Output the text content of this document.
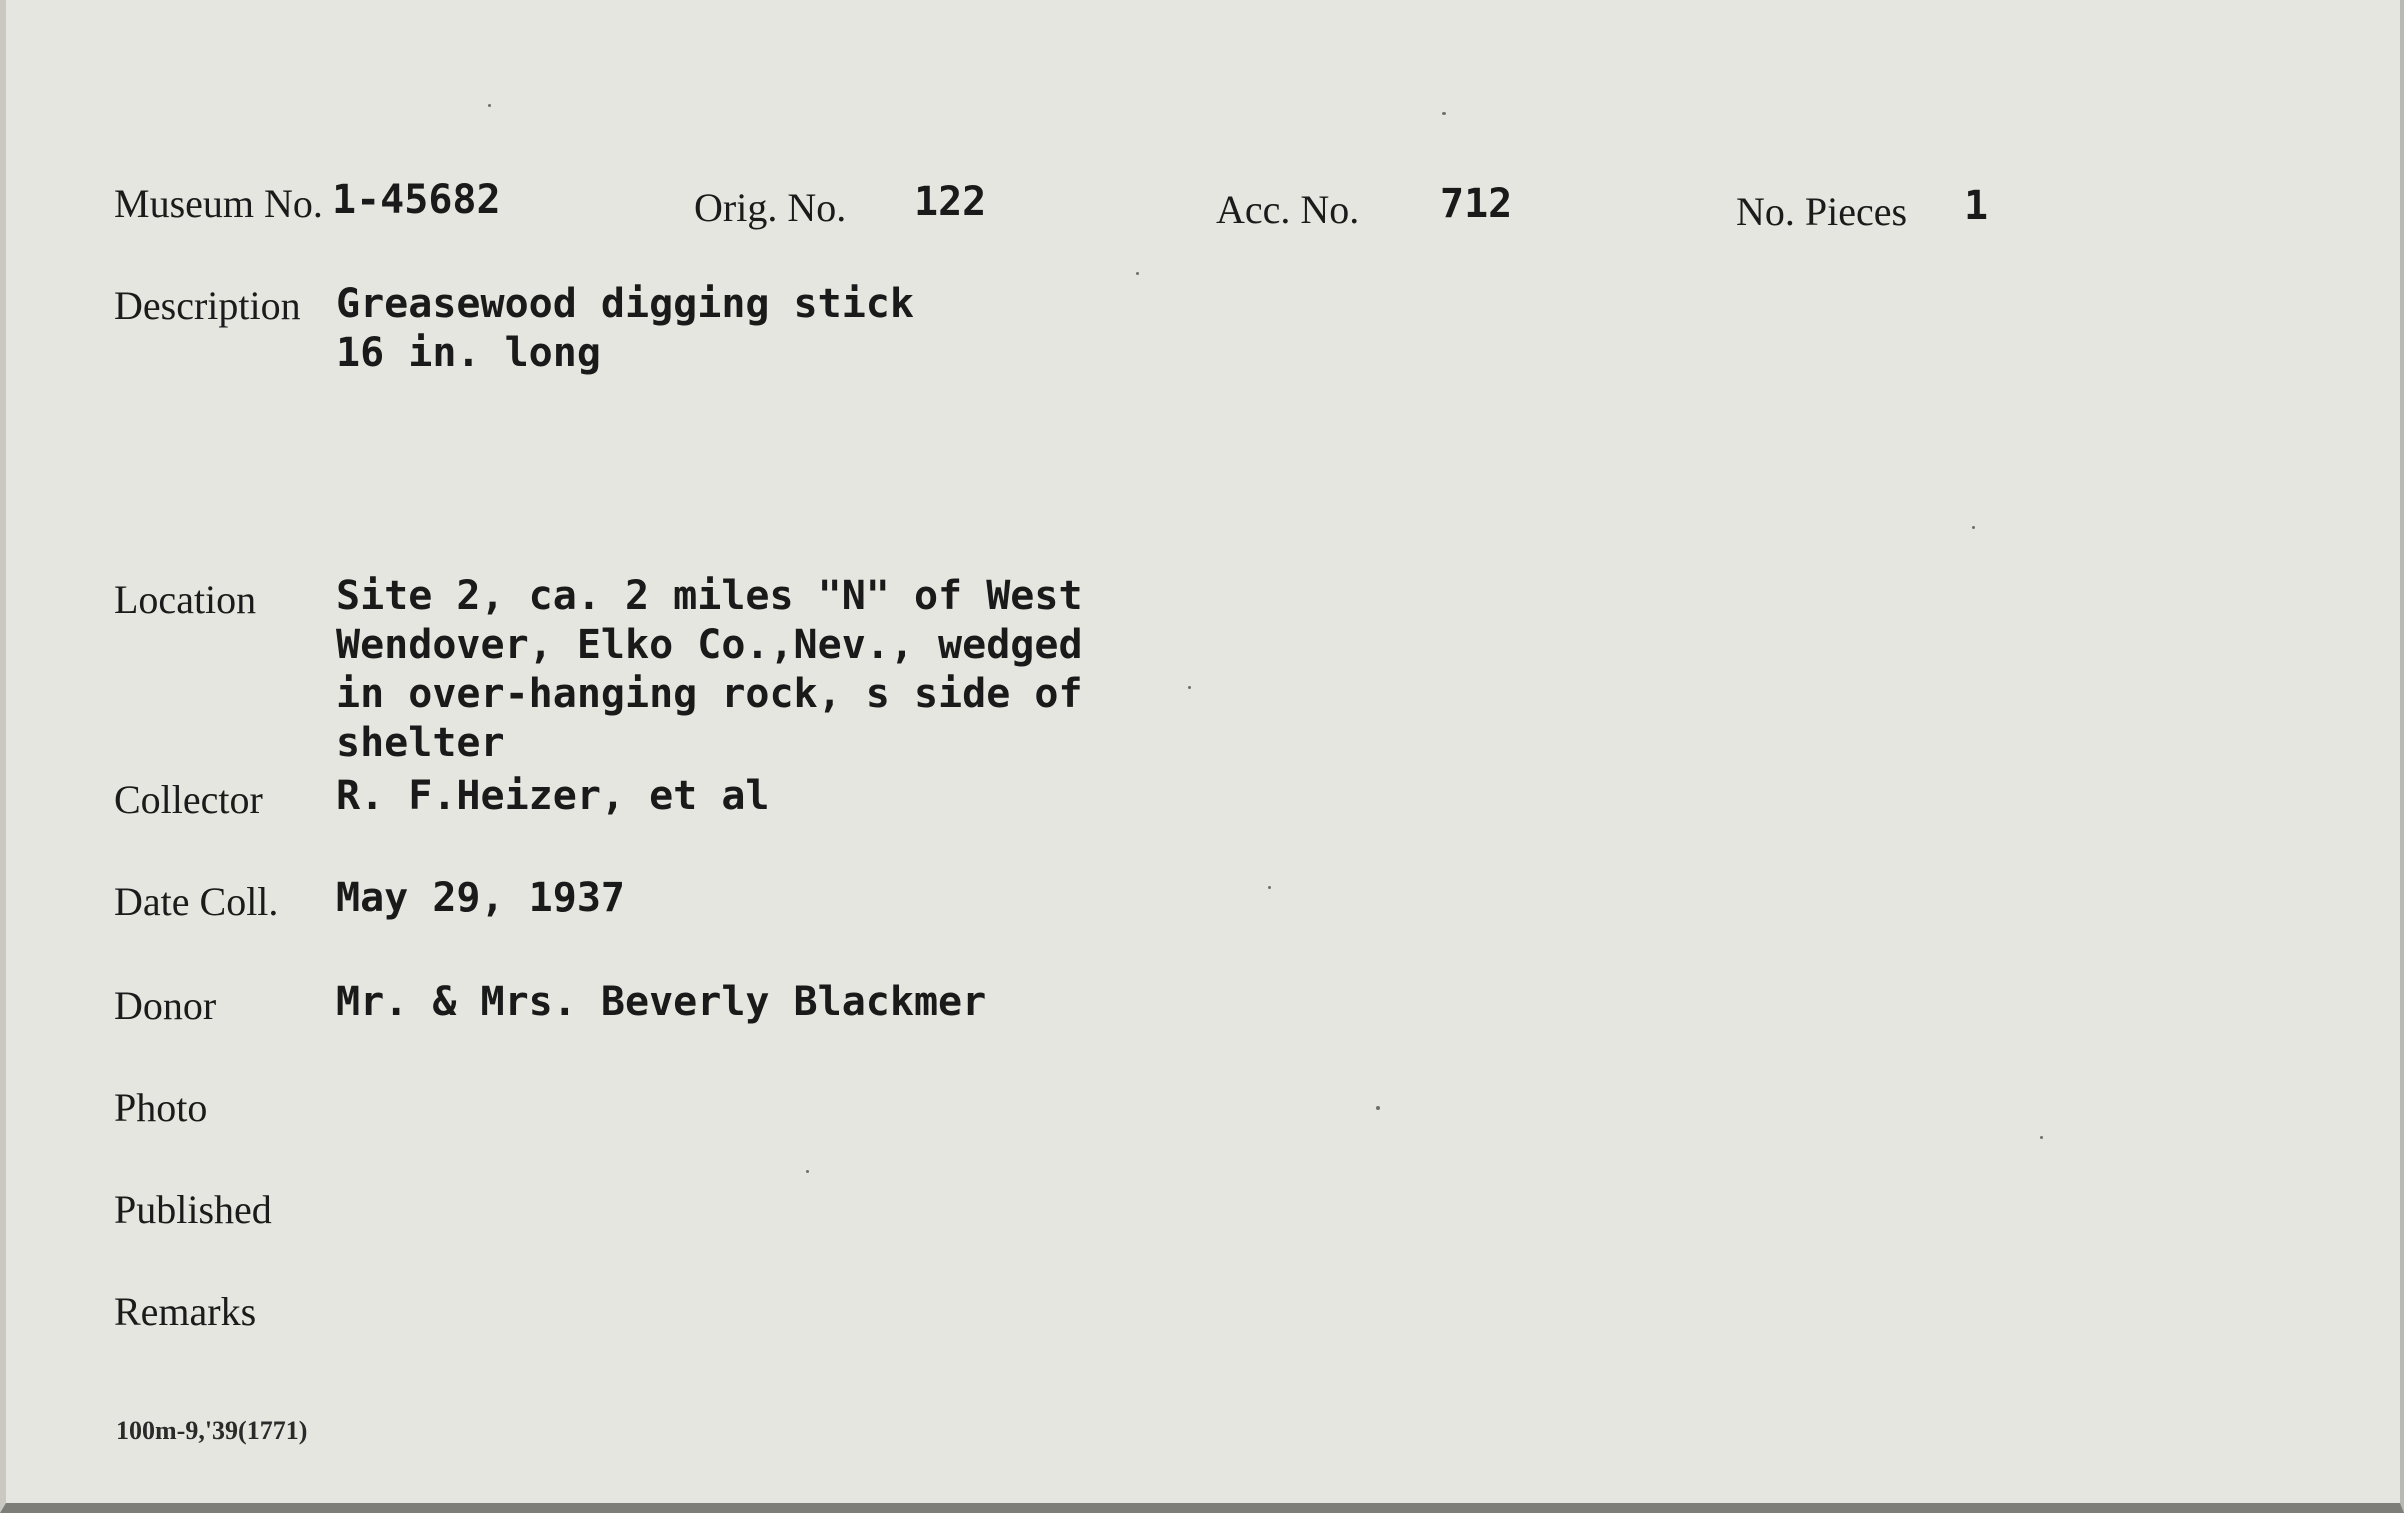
Museum No. 1-45682	Orig. No. 122	Acc. No. 712	No. Pieces 1
Description Greasewood digging stick
16 in. long
Location Site 2, ca. 2 miles "N" of West
Wendover, Elko Co.,Nev., wedged
in over-hanging rock, s side of
shelter
Collector R. F.Heizer, et al
Date Coll. May 29, 1937
Donor	Mr. & Mrs. Beverly Blackmer
Photo
Published
Remarks
100m-9,'39(1771)
